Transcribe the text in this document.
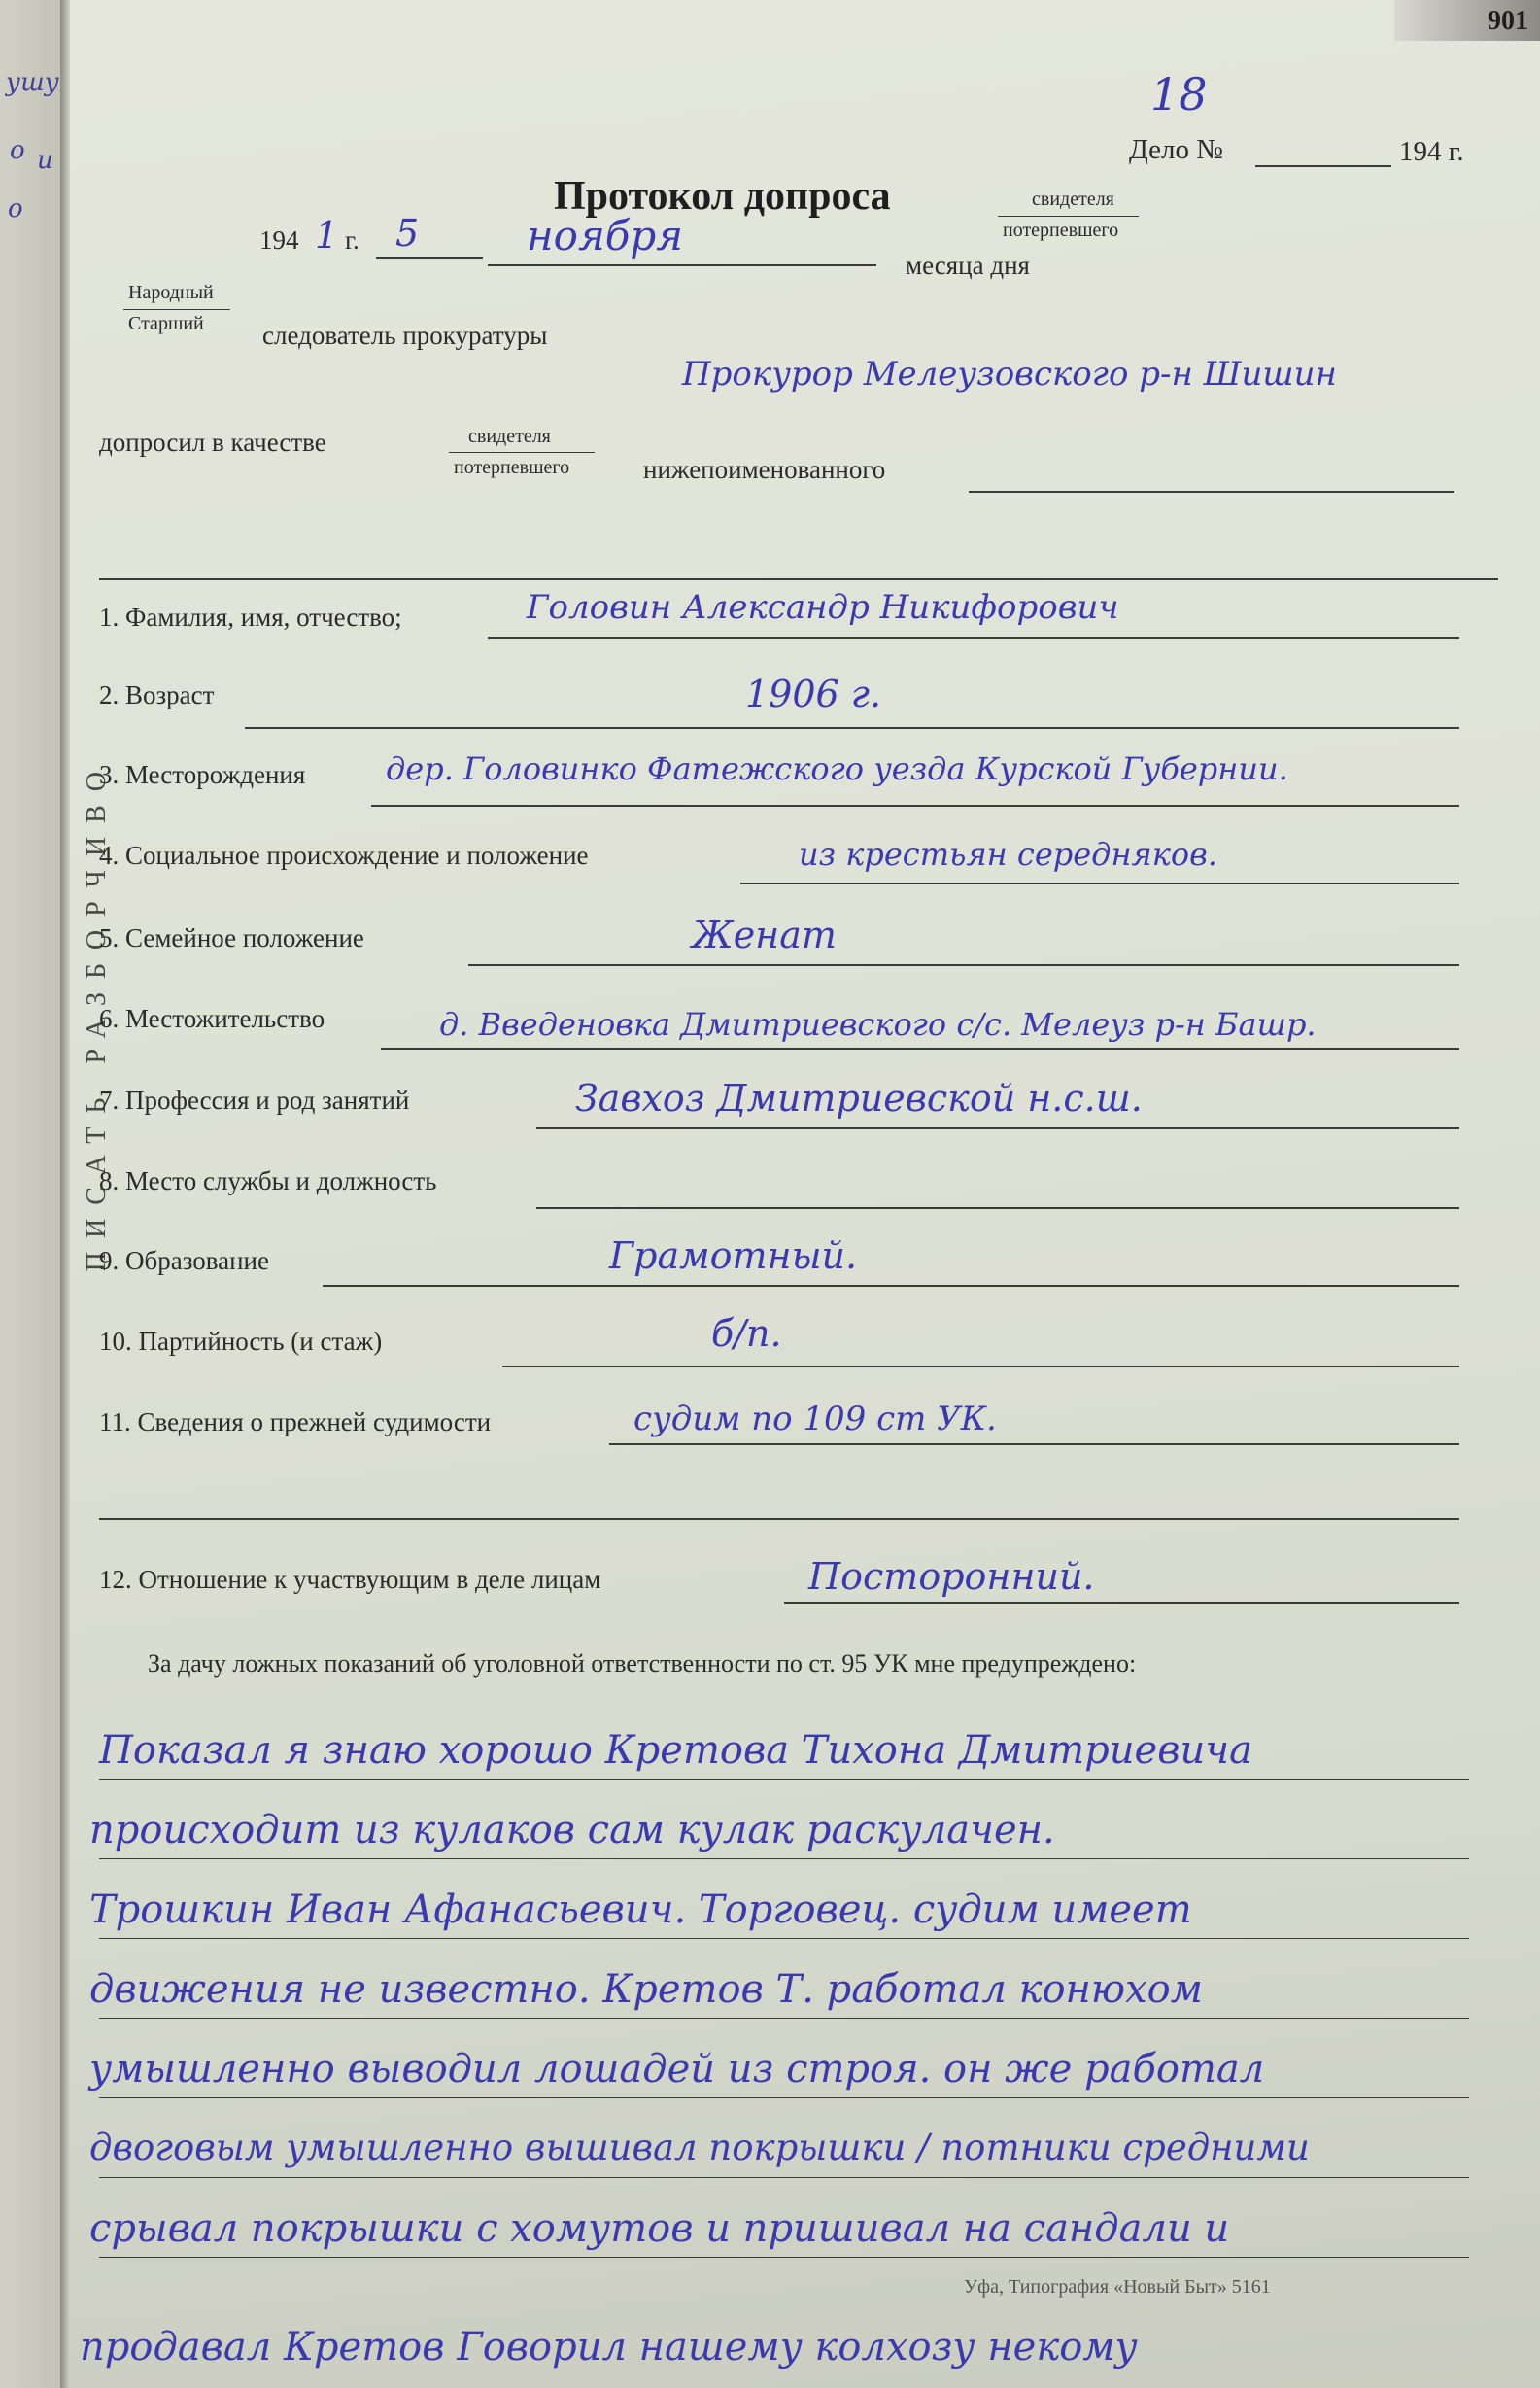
ушу
о и
о
901
ПИСАТЬ РАЗБОРЧИВО
18
Дело №	194 г.
Протокол допроса	свидетеля
потерпевшего
194 1 г. 5	ноября
месяца дня
Народный
Старший следователь прокуратуры
Прокурор Мелеузовского р-н Шишин
допросил в качестве	свидетеля
потерпевшего	нижепоименованного
1. Фамилия, имя, отчество;	Головин Александр Никифорович
2. Возраст	1906 г.
3. Месторождения	дер. Головинко Фатежского уезда Курской Губернии.
4. Социальное происхождение и положение	из крестьян середняков.
5. Семейное положение	Женат
6. Местожительство	д. Введеновка Дмитриевского с/с. Мелеуз р-н Башр.
7. Профессия и род занятий	Завхоз Дмитриевской н.с.ш.
8. Место службы и должность
9. Образование	Грамотный.
10. Партийность (и стаж)	б/п.
11. Сведения о прежней судимости	судим по 109 ст УК.
12. Отношение к участвующим в деле лицам	Посторонний.
За дачу ложных показаний об уголовной ответственности по ст. 95 УК мне предупреждено:
Показал я знаю хорошо Кретова Тихона Дмитриевича
происходит из кулаков сам кулак раскулачен.
Трошкин Иван Афанасьевич. Торговец. судим имеет
движения не известно. Кретов Т. работал конюхом
умышленно выводил лошадей из строя. он же работал
двоговым умышленно вышивал покрышки / потники средними
срывал покрышки с хомутов и пришивал на сандали и
Уфа, Типография «Новый Быт» 5161
продавал Кретов Говорил нашему колхозу некому
